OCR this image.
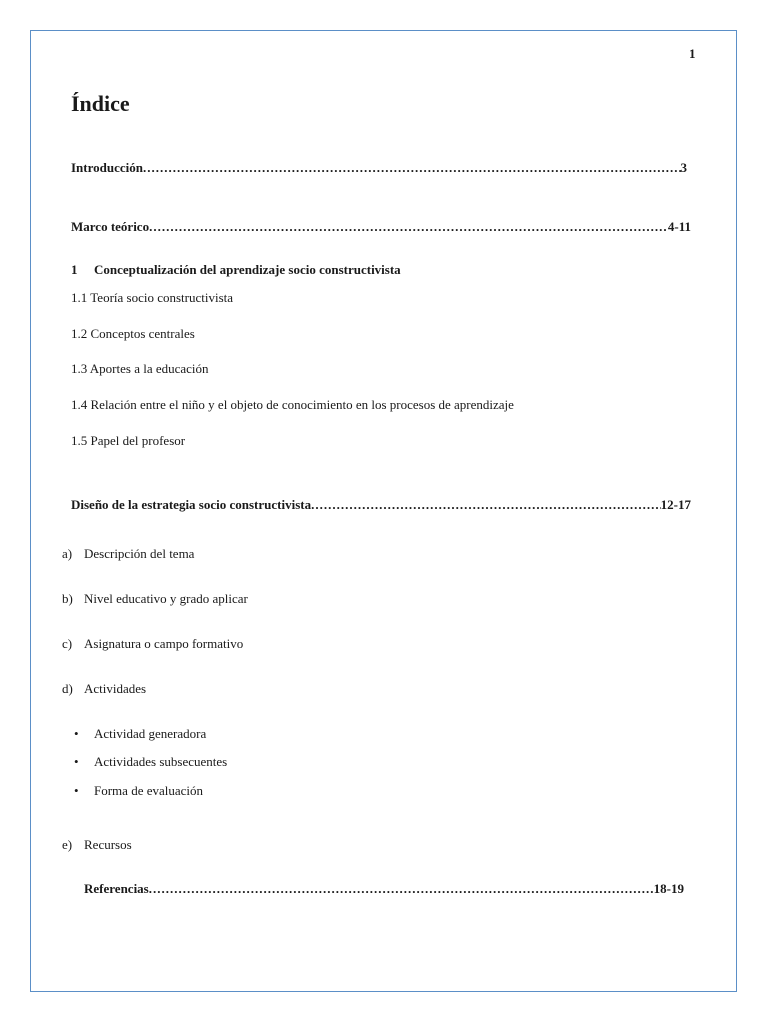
1
Índice
Introducción .....	3
Marco teórico .....	4-11
1 Conceptualización del aprendizaje socio constructivista
1.1 Teoría socio constructivista
1.2 Conceptos centrales
1.3 Aportes a la educación
1.4 Relación entre el niño y el objeto de conocimiento en los procesos de aprendizaje
1.5 Papel del profesor
Diseño de la estrategia socio constructivista .....	12-17
a) Descripción del tema
b) Nivel educativo y grado aplicar
c) Asignatura o campo formativo
d) Actividades
• Actividad generadora
• Actividades subsecuentes
• Forma de evaluación
e) Recursos
Referencias .....	18-19
